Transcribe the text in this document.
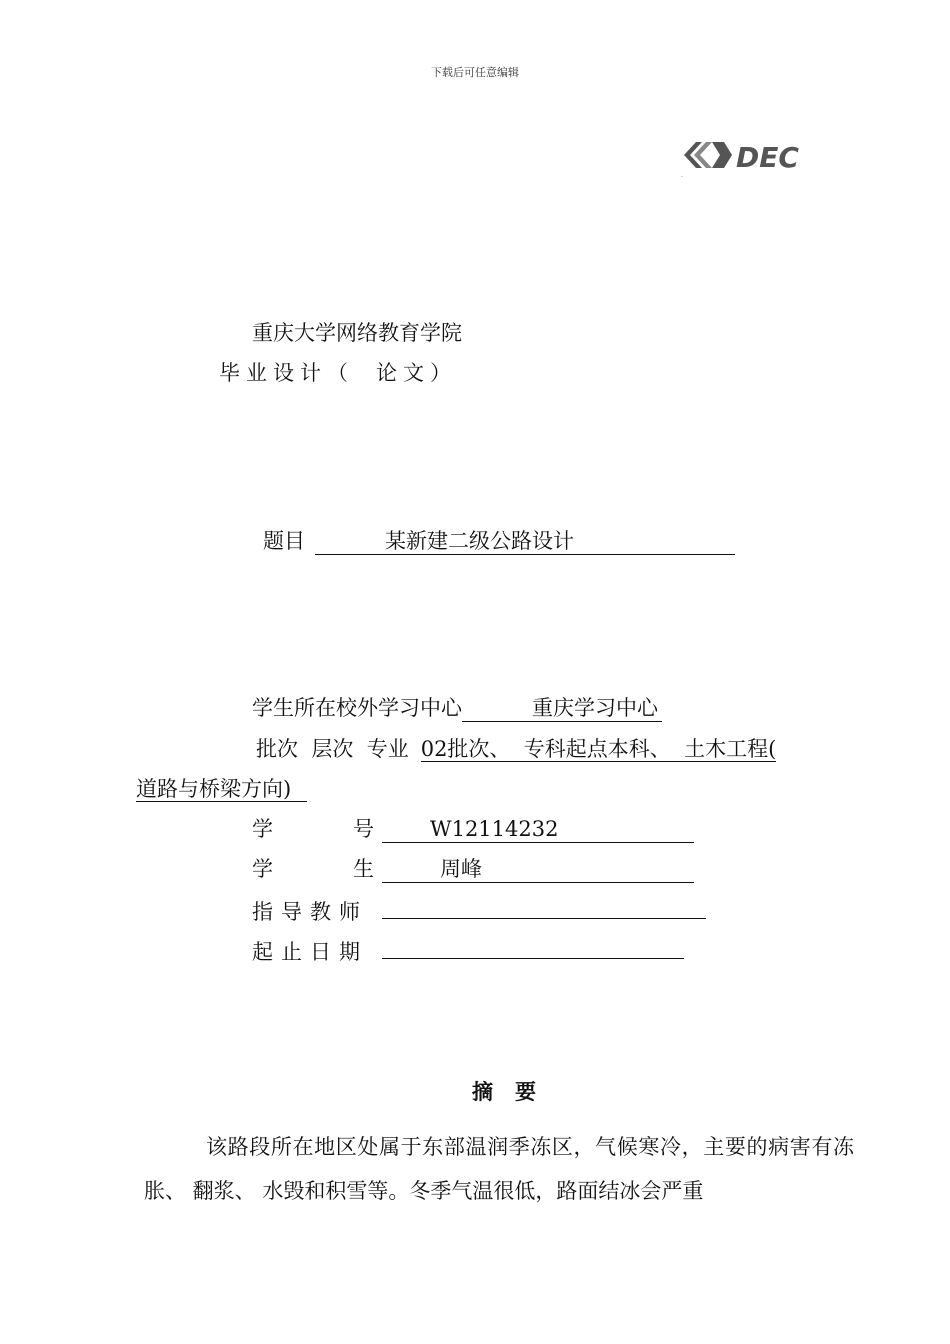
下载后可任意编辑
DEC
.
重庆大学网络教育学院
毕业设计（ 论文）
题目	某新建二级公路设计
学生所在校外学习中心	重庆学习中心
批次  层次  专业 02批次、  专科起点本科、  土木工程(
道路与桥梁方向)
学	号	W12114232
学	生	周峰
指导教师
起止日期
摘要
该路段所在地区处属于东部温润季冻区，气候寒冷，主要的病害有冻胀、 翻浆、 水毁和积雪等。冬季气温很低，路面结冰会严重
